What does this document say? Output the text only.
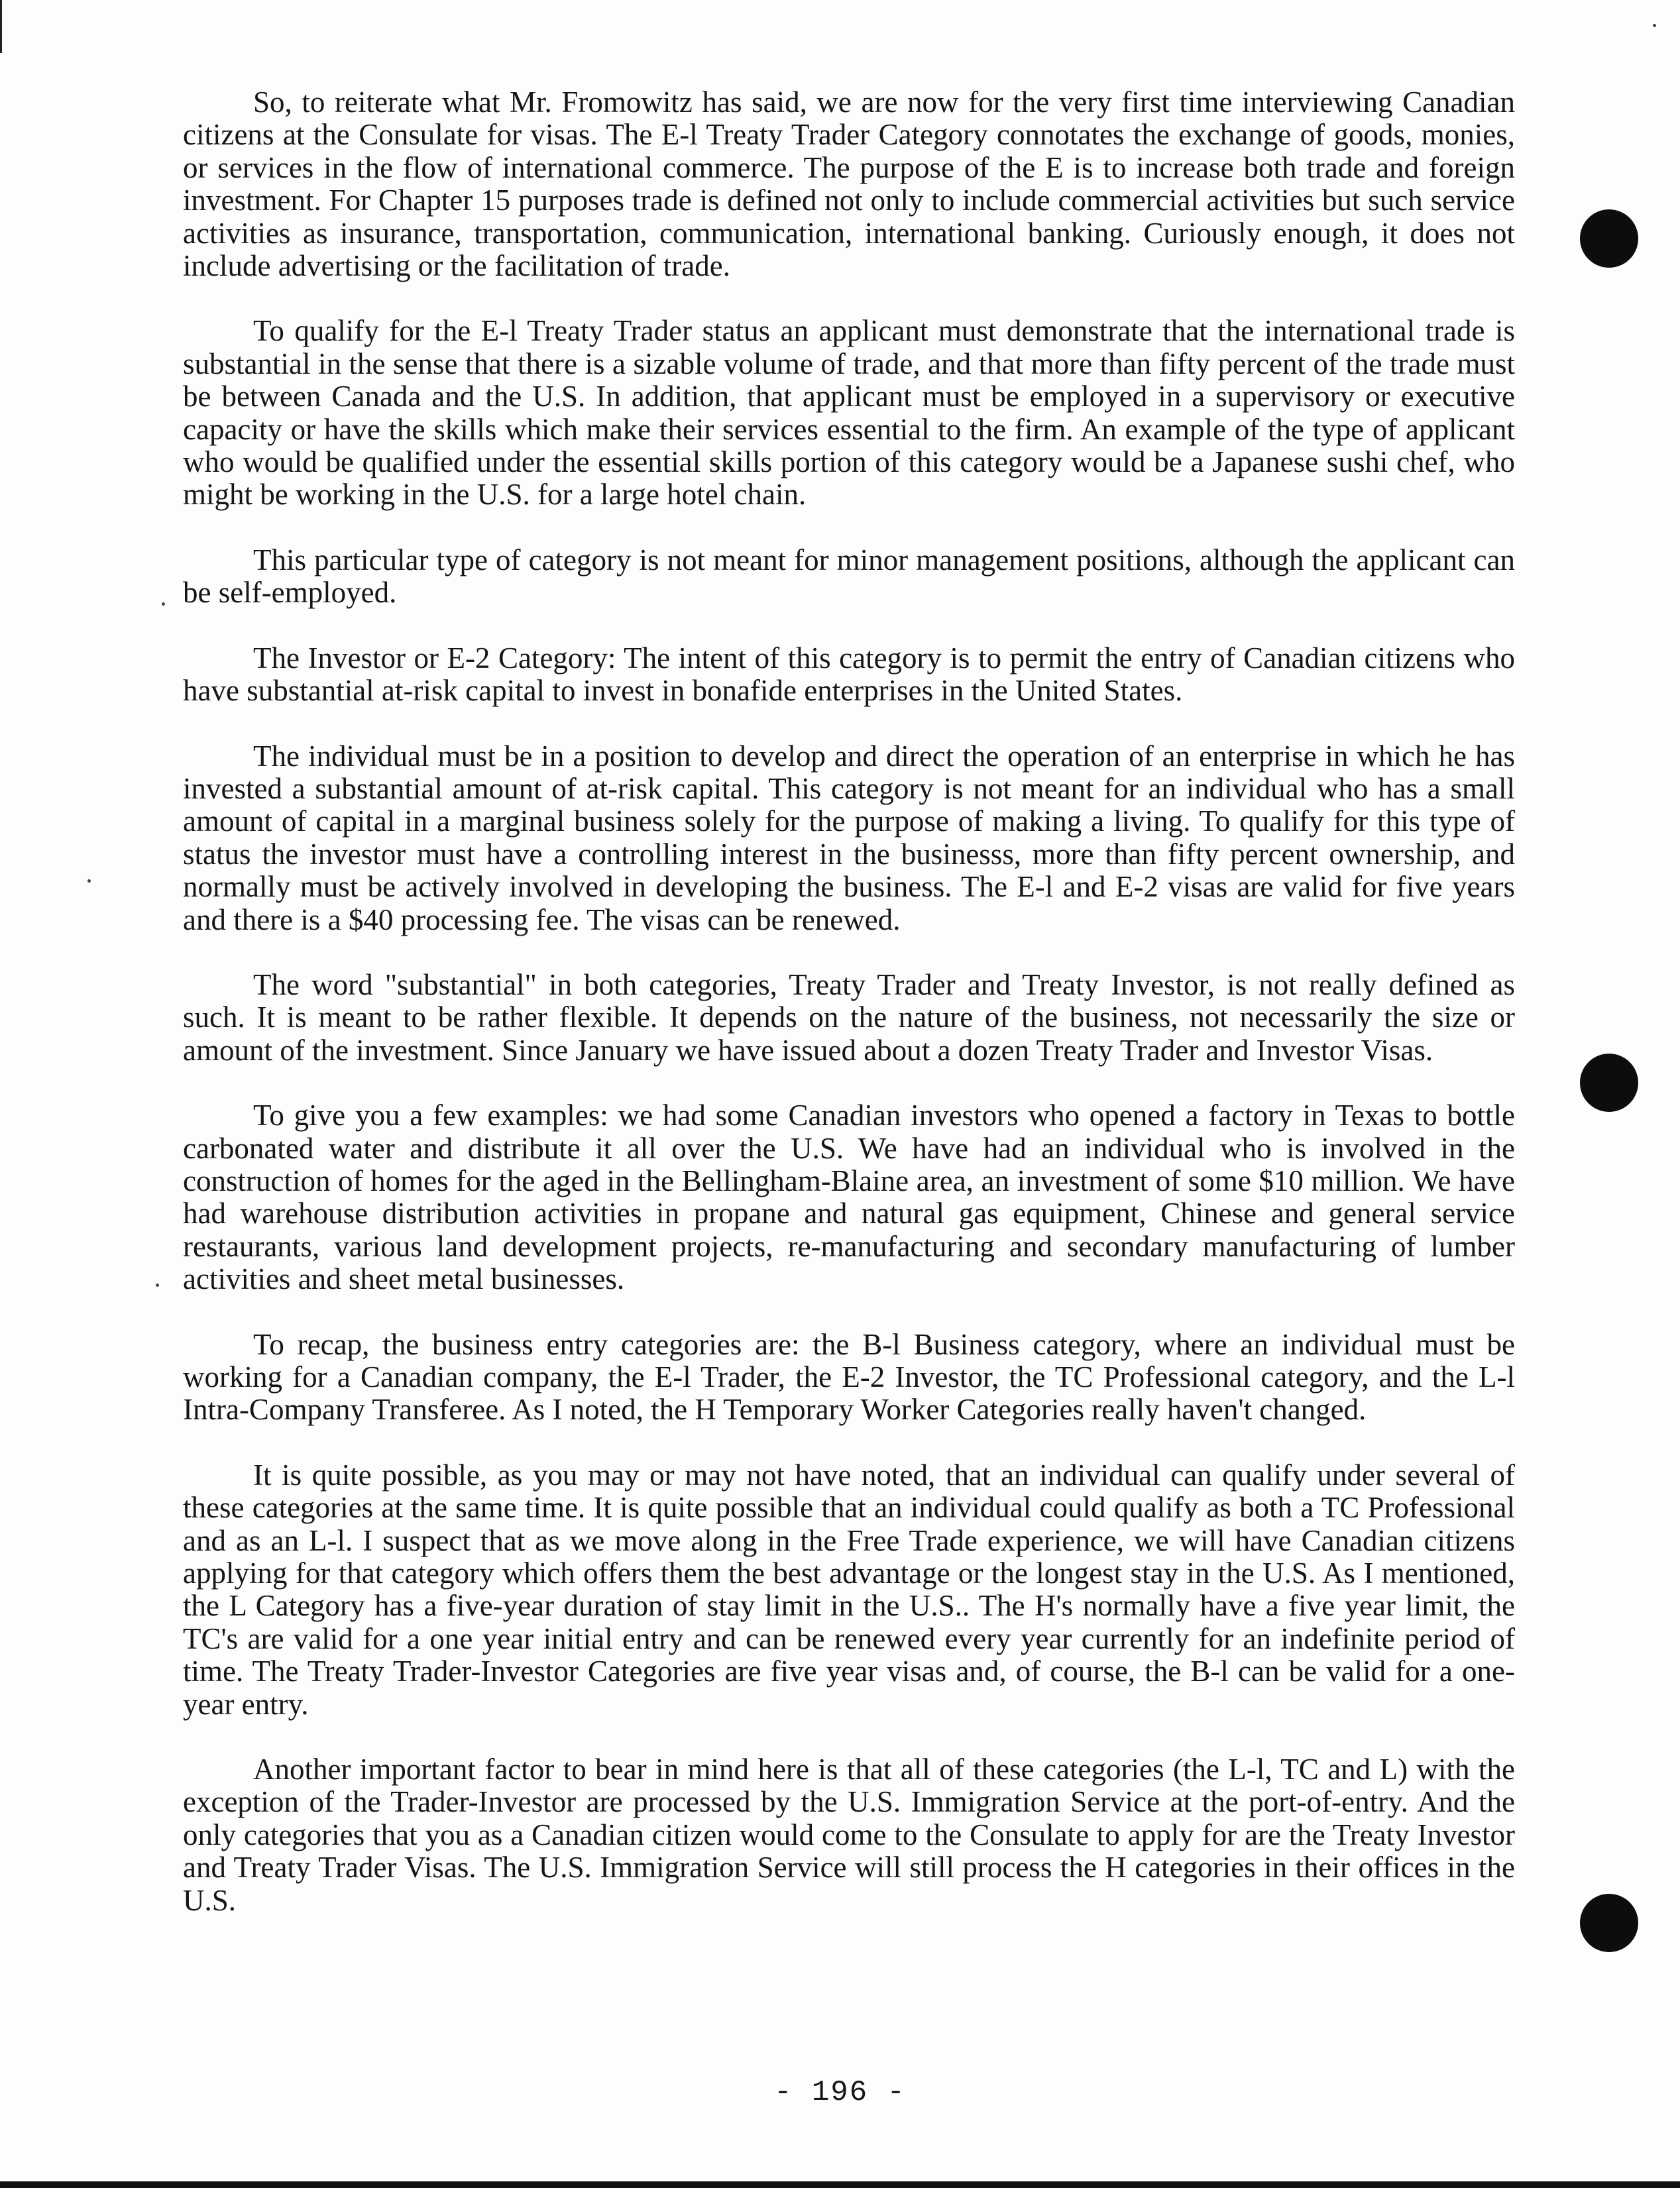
So, to reiterate what Mr. Fromowitz has said, we are now for the very first time interviewing Canadian citizens at the Consulate for visas. The E-l Treaty Trader Category connotates the exchange of goods, monies, or services in the flow of international commerce. The purpose of the E is to increase both trade and foreign investment. For Chapter 15 purposes trade is defined not only to include commercial activities but such service activities as insurance, transportation, communication, international banking. Curiously enough, it does not include advertising or the facilitation of trade.

To qualify for the E-l Treaty Trader status an applicant must demonstrate that the international trade is substantial in the sense that there is a sizable volume of trade, and that more than fifty percent of the trade must be between Canada and the U.S. In addition, that applicant must be employed in a supervisory or executive capacity or have the skills which make their services essential to the firm. An example of the type of applicant who would be qualified under the essential skills portion of this category would be a Japanese sushi chef, who might be working in the U.S. for a large hotel chain.

This particular type of category is not meant for minor management positions, although the applicant can be self-employed.

The Investor or E-2 Category: The intent of this category is to permit the entry of Canadian citizens who have substantial at-risk capital to invest in bonafide enterprises in the United States.

The individual must be in a position to develop and direct the operation of an enterprise in which he has invested a substantial amount of at-risk capital. This category is not meant for an individual who has a small amount of capital in a marginal business solely for the purpose of making a living. To qualify for this type of status the investor must have a controlling interest in the businesss, more than fifty percent ownership, and normally must be actively involved in developing the business. The E-l and E-2 visas are valid for five years and there is a $40 processing fee. The visas can be renewed.

The word "substantial" in both categories, Treaty Trader and Treaty Investor, is not really defined as such. It is meant to be rather flexible. It depends on the nature of the business, not necessarily the size or amount of the investment. Since January we have issued about a dozen Treaty Trader and Investor Visas.

To give you a few examples: we had some Canadian investors who opened a factory in Texas to bottle carbonated water and distribute it all over the U.S. We have had an individual who is involved in the construction of homes for the aged in the Bellingham-Blaine area, an investment of some $10 million. We have had warehouse distribution activities in propane and natural gas equipment, Chinese and general service restaurants, various land development projects, re-manufacturing and secondary manufacturing of lumber activities and sheet metal businesses.

To recap, the business entry categories are: the B-l Business category, where an individual must be working for a Canadian company, the E-l Trader, the E-2 Investor, the TC Professional category, and the L-l Intra-Company Transferee. As I noted, the H Temporary Worker Categories really haven't changed.

It is quite possible, as you may or may not have noted, that an individual can qualify under several of these categories at the same time. It is quite possible that an individual could qualify as both a TC Professional and as an L-l. I suspect that as we move along in the Free Trade experience, we will have Canadian citizens applying for that category which offers them the best advantage or the longest stay in the U.S. As I mentioned, the L Category has a five-year duration of stay limit in the U.S.. The H's normally have a five year limit, the TC's are valid for a one year initial entry and can be renewed every year currently for an indefinite period of time. The Treaty Trader-Investor Categories are five year visas and, of course, the B-l can be valid for a one-year entry.

Another important factor to bear in mind here is that all of these categories (the L-l, TC and L) with the exception of the Trader-Investor are processed by the U.S. Immigration Service at the port-of-entry. And the only categories that you as a Canadian citizen would come to the Consulate to apply for are the Treaty Investor and Treaty Trader Visas. The U.S. Immigration Service will still process the H categories in their offices in the U.S.

- 196 -
